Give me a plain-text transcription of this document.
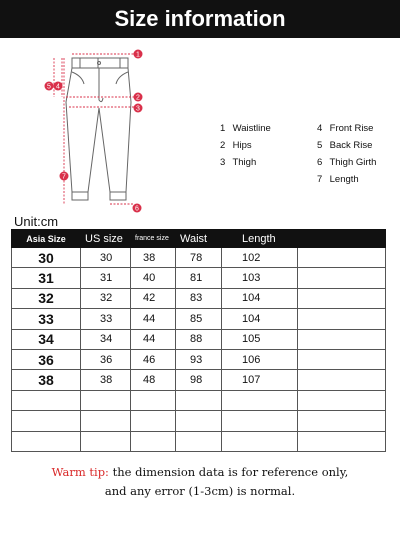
Size information
1
2
3
4
5
6
7
1 Waistline
2 Hips
3 Thigh
4 Front Rise
5 Back Rise
6 Thigh Girth
7 Length
Unit:cm
Asia Size	US size	france size	Waist	Length	
30	30	38	78	102	
31	31	40	81	103	
32	32	42	83	104	
33	33	44	85	104	
34	34	44	88	105	
36	36	46	93	106	
38	38	48	98	107	

Warm tip: the dimension data is for reference only,
and any error (1-3cm) is normal.
